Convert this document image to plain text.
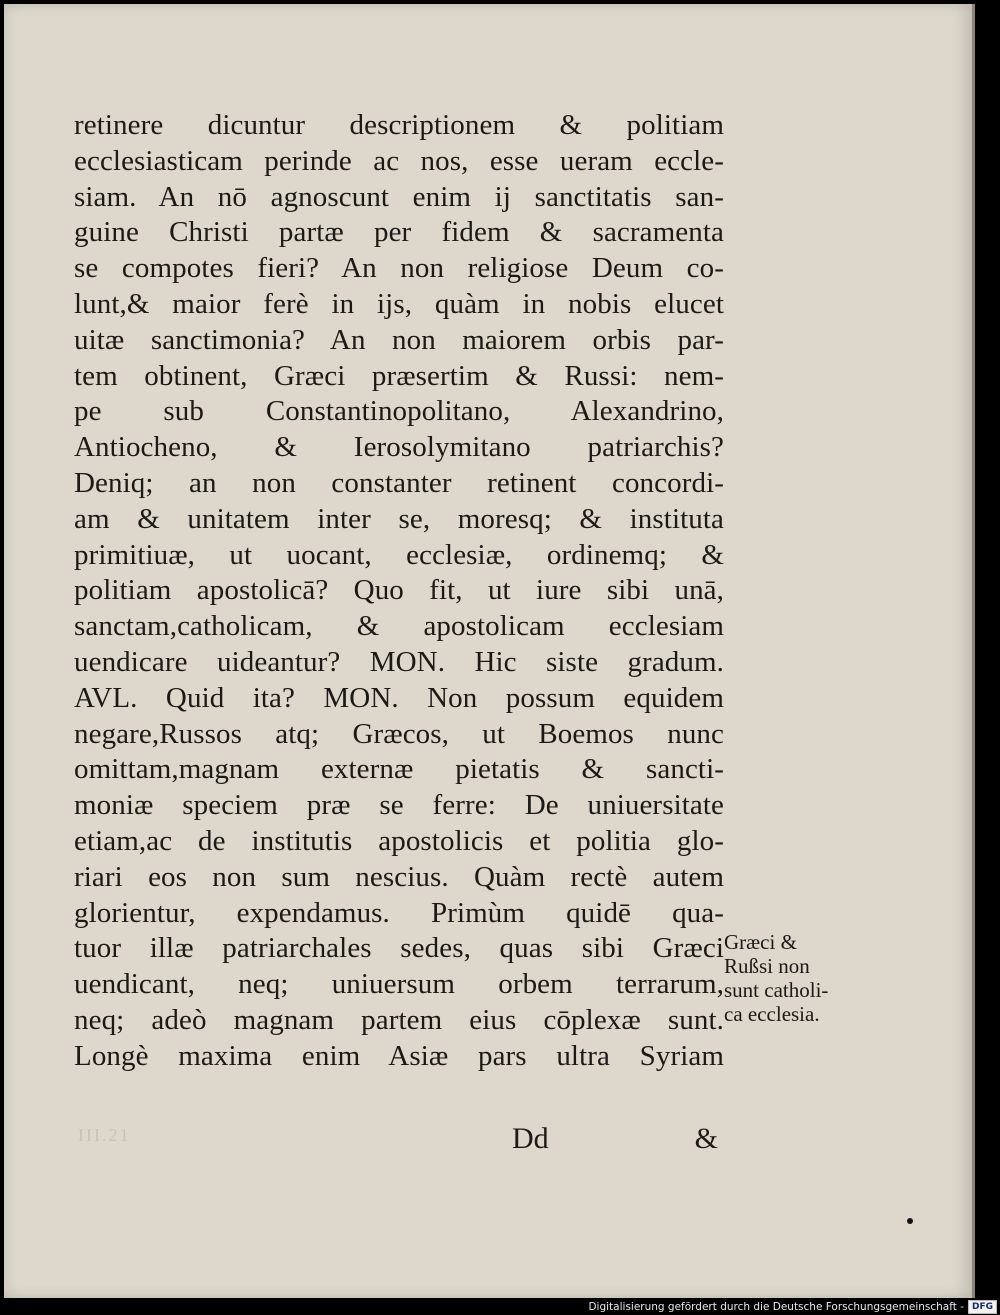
retinere dicuntur descriptionem & politiam
ecclesiasticam perinde ac nos, esse ueram eccle-
siam. An nō agnoscunt enim ij sanctitatis san-
guine Christi partæ per fidem & sacramenta
se compotes fieri? An non religiose Deum co-
lunt,& maior ferè in ijs, quàm in nobis elucet
uitæ sanctimonia? An non maiorem orbis par-
tem obtinent, Græci præsertim & Russi: nem-
pe sub Constantinopolitano, Alexandrino,
Antiocheno, & Ierosolymitano patriarchis?
Deniq; an non constanter retinent concordi-
am & unitatem inter se, moresq; & instituta
primitiuæ, ut uocant, ecclesiæ, ordinemq; &
politiam apostolicā? Quo fit, ut iure sibi unā,
sanctam,catholicam, & apostolicam ecclesiam
uendicare uideantur? MON. Hic siste gradum.
AVL. Quid ita? MON. Non possum equidem
negare,Russos atq; Græcos, ut Boemos nunc
omittam,magnam externæ pietatis & sancti-
moniæ speciem præ se ferre: De uniuersitate
etiam,ac de institutis apostolicis et politia glo-
riari eos non sum nescius. Quàm rectè autem
glorientur, expendamus. Primùm quidē qua-
tuor illæ patriarchales sedes, quas sibi Græci
uendicant, neq; uniuersum orbem terrarum,
neq; adeò magnam partem eius cōplexæ sunt.
Longè maxima enim Asiæ pars ultra Syriam
Dd	&
Græci &
Rußsi non
sunt catholi-
ca ecclesia.
III.21
Digitalisierung gefördert durch die Deutsche Forschungsgemeinschaft - DFG
